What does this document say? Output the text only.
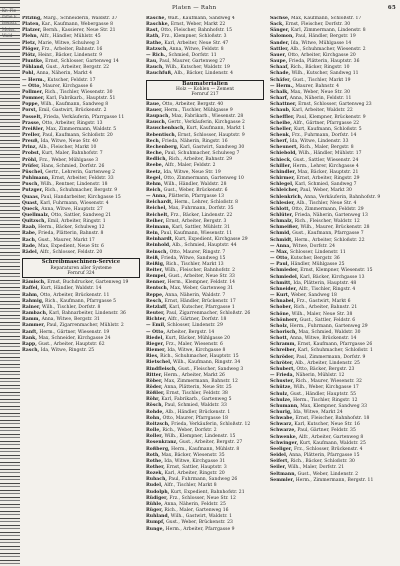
Kr. Flemme Eisenstr. Meiss. Wald
Platen — Rahn	65

Pitzing, Marg., Schneiderin, Waldstr. 37

Platen, Kar., Kaufmann, Webergasse 8

Platzer, Bernh., Kassierer, Neue Str. 21

Plehn, Alfr., Händler, Mühlstr. 45

Pletz, Marie, Witwe, Schulweg 3

Plöger, Frz., Arbeiter, Bahnstr. 16

Plötz, Heinr., Bäcker, Lindenstr. 9

Pluntke, Ernst, Schlosser, Gartenweg 14

Pöhland, Gust., Arbeiter, Bergstr. 22

Pohl, Anna, Näherin, Markt 4

— Herm., Kutscher, Feldstr. 17

— Otto, Maurer, Kirchgasse 6

Pollmer, Rich., Tischler, Wiesenstr. 30

Pommer, Karl, Fabrikarb., Hauptstr. 51

Poppe, Wilh., Kaufmann, Sandweg 8

Porst, Emil, Gastwirt, Brückenstr. 2

Posselt, Frieda, Verkäuferin, Pfarrgasse 11

Prasse, Otto, Arbeiter, Ringstr. 13

Preißler, Max, Zimmermann, Waldstr. 5

Preller, Paul, Kaufmann, Schloßstr. 20

Preuß, Ida, Witwe, Neue Str. 40

Prinz, Alb., Fleischer, Markt 10

Probst, Kurt, Maler, Bahnhofstr. 7

Pröhl, Frz., Weber, Mühlgasse 3

Prüfer, Hans, Schmied, Dorfstr. 26

Püschel, Gertr., Lehrerin, Gartenweg 2

Puhlmann, Ernst, Arbeiter, Feldstr. 33

Pusch, Wilh., Rentner, Lindenstr. 18

Putzger, Rich., Schuhmacher, Bergstr. 9

Quaas, Paul, Handarbeiter, Kirchgasse 15

Quast, Karl, Fuhrmann, Wiesenstr. 4

Queck, Anna, Witwe, Hauptstr. 27

Quellmalz, Otto, Sattler, Sandweg 21

Quitzsch, Emil, Arbeiter, Ringstr. 1

Raab, Herm., Bäcker, Schulweg 12

Rabe, Frieda, Plätterin, Bahnstr. 8

Rach, Gust., Maurer, Markt 17

Rade, Max, Expedient, Neue Str. 6

Rädel, Alfr., Schlosser, Feldstr. 20

Schreibmaschinen-Service
Reparaturen aller Systeme
Fernruf 324

Rämisch, Ernst, Buchdrucker, Gartenweg 19

Raffel, Kurt, Händler, Waldstr. 14

Rahm, Otto, Arbeiter, Brückenstr. 11

Rahmig, Rich., Kaufmann, Pfarrgasse 5

Rainer, Wilh., Tischler, Dorfstr. 8

Rambach, Karl, Bahnarbeiter, Lindenstr. 36

Ramm, Anna, Witwe, Bergstr. 31

Rammer, Paul, Zigarrenmacher, Mühlstr. 2

Ranft, Herm., Gärtner, Wiesenstr. 19

Rank, Max, Schneider, Kirchgasse 24

Rapp, Gust., Arbeiter, Hauptstr. 62

Rasch, Ida, Witwe, Ringstr. 25

Rasche, Walt., Kaufmann, Sandweg 4

Raschke, Ernst, Weber, Markt 22

Rast, Otto, Fleischer, Bahnhofstr. 15

Rath, Frz., Klempner, Schloßstr. 3

Rathe, Karl, Arbeiter, Neue Str. 47

Ratzsch, Anna, Witwe, Feldstr. 8

— Rich., Schmied, Dorfstr. 11

Rau, Paul, Maurer, Gartenweg 27

Rauch, Wilh., Kutscher, Waldstr. 19

Rauchfuß, Alb., Bäcker, Lindenstr. 4

Baumaterialien
Holz — Kohlen — Zement
Fernruf 217

Raue, Otto, Arbeiter, Bergstr. 40

Rauer, Herm., Tischler, Mühlgasse 9

Raupach, Max, Fabrikarb., Wiesenstr. 28

Rausch, Gertr., Verkäuferin, Kirchgasse 2

Rauschenbach, Kurt, Kaufmann, Markt 1

Rebentisch, Ernst, Schlosser, Hauptstr. 9

Rech, Frieda, Näherin, Ringstr. 16

Rechenberg, Karl, Gastwirt, Sandweg 30

Reche, Paul, Schuhmacher, Schulweg 7

Redlich, Rich., Arbeiter, Bahnstr. 29

Reebe, Alfr., Maler, Feldstr. 2

Reetz, Ida, Witwe, Neue Str. 19

Regel, Otto, Zimmermann, Gartenweg 10

Rehm, Wilh., Händler, Waldstr. 28

Reich, Gust., Weber, Brückenstr. 6

— Anna, Plätterin, Pfarrgasse 13

Reichardt, Herm., Lehrer, Schloßstr. 8

Reichel, Max, Fuhrmann, Dorfstr. 35

Reichelt, Frz., Bäcker, Lindenstr. 22

Reiher, Ernst, Arbeiter, Bergstr. 3

Reimann, Karl, Sattler, Mühlstr. 31

Rein, Paul, Kaufmann, Wiesenstr. 11

Reinhardt, Kurt, Expedient, Kirchgasse 29

Reinhold, Alb., Schmied, Hauptstr. 44

Reinsch, Otto, Maurer, Ringstr. 7

Reiß, Frieda, Witwe, Sandweg 15

Reißig, Rich., Tischler, Markt 13

Reiter, Wilh., Fleischer, Bahnhofstr. 2

Rempel, Gust., Arbeiter, Neue Str. 33

Renner, Herm., Klempner, Feldstr. 14

Rentsch, Max, Weber, Gartenweg 31

Reppe, Anna, Näherin, Waldstr. 7

Resch, Ernst, Händler, Brückenstr. 17

Retzlaff, Karl, Kutscher, Pfarrgasse 1

Reuter, Paul, Zigarrenmacher, Schloßstr. 26

Richter, Alfr., Gärtner, Dorfstr. 18

— Emil, Schlosser, Lindenstr. 29

— Otto, Arbeiter, Bergstr. 14

Riedel, Kurt, Bäcker, Mühlgasse 20

Rieger, Frz., Maler, Wiesenstr. 6

Riemer, Ida, Witwe, Kirchgasse 8

Ries, Rich., Schuhmacher, Hauptstr. 15

Rietschel, Wilh., Kaufmann, Ringstr. 34

Rindfleisch, Gust., Fleischer, Sandweg 3

Ritter, Herm., Arbeiter, Markt 26

Röber, Max, Zimmermann, Bahnstr. 12

Röder, Anna, Plätterin, Neue Str. 25

Rößler, Ernst, Tischler, Feldstr. 38

Röhr, Karl, Fabrikarb., Gartenweg 5

Rösch, Paul, Schmied, Waldstr. 33

Rohde, Alb., Händler, Brückenstr. 1

Rohn, Otto, Maurer, Pfarrgasse 18

Roitzsch, Frieda, Verkäuferin, Schloßstr. 12

Rolle, Rich., Weber, Dorfstr. 2

Roller, Wilh., Klempner, Lindenstr. 15

Rosenkranz, Gust., Arbeiter, Bergstr. 27

Roßberg, Herm., Kaufmann, Mühlstr. 8

Roth, Max, Bäcker, Wiesenstr. 35

Rothe, Ida, Witwe, Kirchgasse 31

Rother, Ernst, Sattler, Hauptstr. 3

Rozek, Karl, Arbeiter, Ringstr. 20

Rubach, Paul, Fuhrmann, Sandweg 26

Rudel, Alfr., Tischler, Markt 8

Rudolph, Kurt, Expedient, Bahnhofstr. 21

Rüdiger, Frz., Schlosser, Neue Str. 12

Rühle, Anna, Näherin, Feldstr. 25

Rüger, Rich., Maler, Gartenweg 16

Ruhland, Wilh., Gastwirt, Waldstr. 1

Rumpf, Gust., Weber, Brückenstr. 23

Runge, Herm., Arbeiter, Pfarrgasse 9

Sachse, Max, Kaufmann, Schloßstr. 17

Sack, Ernst, Fleischer, Dorfstr. 30

Sänger, Karl, Zimmermann, Lindenstr. 8

Salomon, Paul, Händler, Bergstr. 19

Sander, Ida, Witwe, Mühlgasse 14

Sattler, Alb., Schuhmacher, Wiesenstr. 2

Sauer, Otto, Arbeiter, Kirchgasse 20

Saupe, Frieda, Plätterin, Hauptstr. 36

Schaaf, Rich., Bäcker, Ringstr. 10

Schade, Wilh., Kutscher, Sandweg 11

Schäfer, Gust., Tischler, Markt 19

— Herm., Maurer, Bahnstr. 4

Schalk, Max, Weber, Neue Str. 30

Scharf, Anna, Näherin, Feldstr. 11

Schattner, Ernst, Schlosser, Gartenweg 23

Schaub, Karl, Arbeiter, Waldstr. 22

Scheffler, Paul, Klempner, Brückenstr. 9

Scheibe, Alfr., Gärtner, Pfarrgasse 22

Scheller, Kurt, Kaufmann, Schloßstr. 5

Schenk, Frz., Fuhrmann, Dorfstr. 14

Scherf, Ida, Witwe, Lindenstr. 33

Scheunert, Rich., Maler, Bergstr. 8

Schiebold, Wilh., Händler, Mühlstr. 17

Schieck, Gust., Sattler, Wiesenstr. 24

Schiller, Herm., Lehrer, Kirchgasse 4

Schindler, Max, Bäcker, Hauptstr. 21

Schirmer, Ernst, Arbeiter, Ringstr. 29

Schlegel, Karl, Schmied, Sandweg 7

Schleicher, Paul, Weber, Markt 30

Schlenkrich, Anna, Verkäuferin, Bahnhofstr. 9

Schlesier, Alb., Tischler, Neue Str. 4

Schlott, Otto, Zimmermann, Feldstr. 29

Schlüter, Frieda, Näherin, Gartenweg 13

Schmalz, Rich., Fleischer, Waldstr. 12

Schmeißer, Wilh., Maurer, Brückenstr. 28

Schmid, Gust., Kaufmann, Pfarrgasse 7

Schmidt, Herm., Arbeiter, Schloßstr. 22

— Anna, Witwe, Dorfstr. 24

— Max, Schlosser, Lindenstr. 11

— Otto, Kutscher, Bergstr. 36

— Paul, Händler, Mühlgasse 25

Schmieder, Ernst, Klempner, Wiesenstr. 15

Schmiedel, Karl, Bäcker, Kirchgasse 13

Schmitt, Ida, Plätterin, Hauptstr. 48

Schneider, Alfr., Tischler, Ringstr. 4

— Kurt, Weber, Sandweg 18

Schnabel, Frz., Gastwirt, Markt 6

Schober, Rich., Arbeiter, Bahnstr. 21

Schöne, Wilh., Maler, Neue Str. 38

Schönherr, Gust., Sattler, Feldstr. 6

Scholz, Herm., Fuhrmann, Gartenweg 29

Schorisch, Max, Schmied, Waldstr. 30

Schott, Anna, Witwe, Brückenstr. 14

Schramm, Ernst, Kaufmann, Pfarrgasse 26

Schreiber, Karl, Schuhmacher, Schloßstr. 1

Schröder, Paul, Zimmermann, Dorfstr. 9

Schröter, Alb., Arbeiter, Lindenstr. 25

Schubert, Otto, Bäcker, Bergstr. 23

— Frieda, Näherin, Mühlstr. 12

Schuster, Rich., Maurer, Wiesenstr. 32

Schütze, Wilh., Weber, Kirchgasse 17

Schulz, Gust., Händler, Hauptstr. 55

Schulze, Herm., Tischler, Ringstr. 12

Schumann, Max, Klempner, Sandweg 33

Schurig, Ida, Witwe, Markt 24

Schwabe, Ernst, Fleischer, Bahnhofstr. 18

Schwarz, Karl, Kutscher, Neue Str. 16

Schwarze, Paul, Gärtner, Feldstr. 35

Schwenke, Alfr., Arbeiter, Gartenweg 8

Schwinger, Kurt, Kaufmann, Waldstr. 25

Seeliger, Frz., Schlosser, Brückenstr. 4

Seidel, Anna, Plätterin, Pfarrgasse 15

Seifert, Rich., Bäcker, Schloßstr. 30

Seiler, Wilh., Maler, Dorfstr. 21

Seltmann, Gust., Weber, Lindenstr. 2

Semmler, Herm., Zimmermann, Bergstr. 11
